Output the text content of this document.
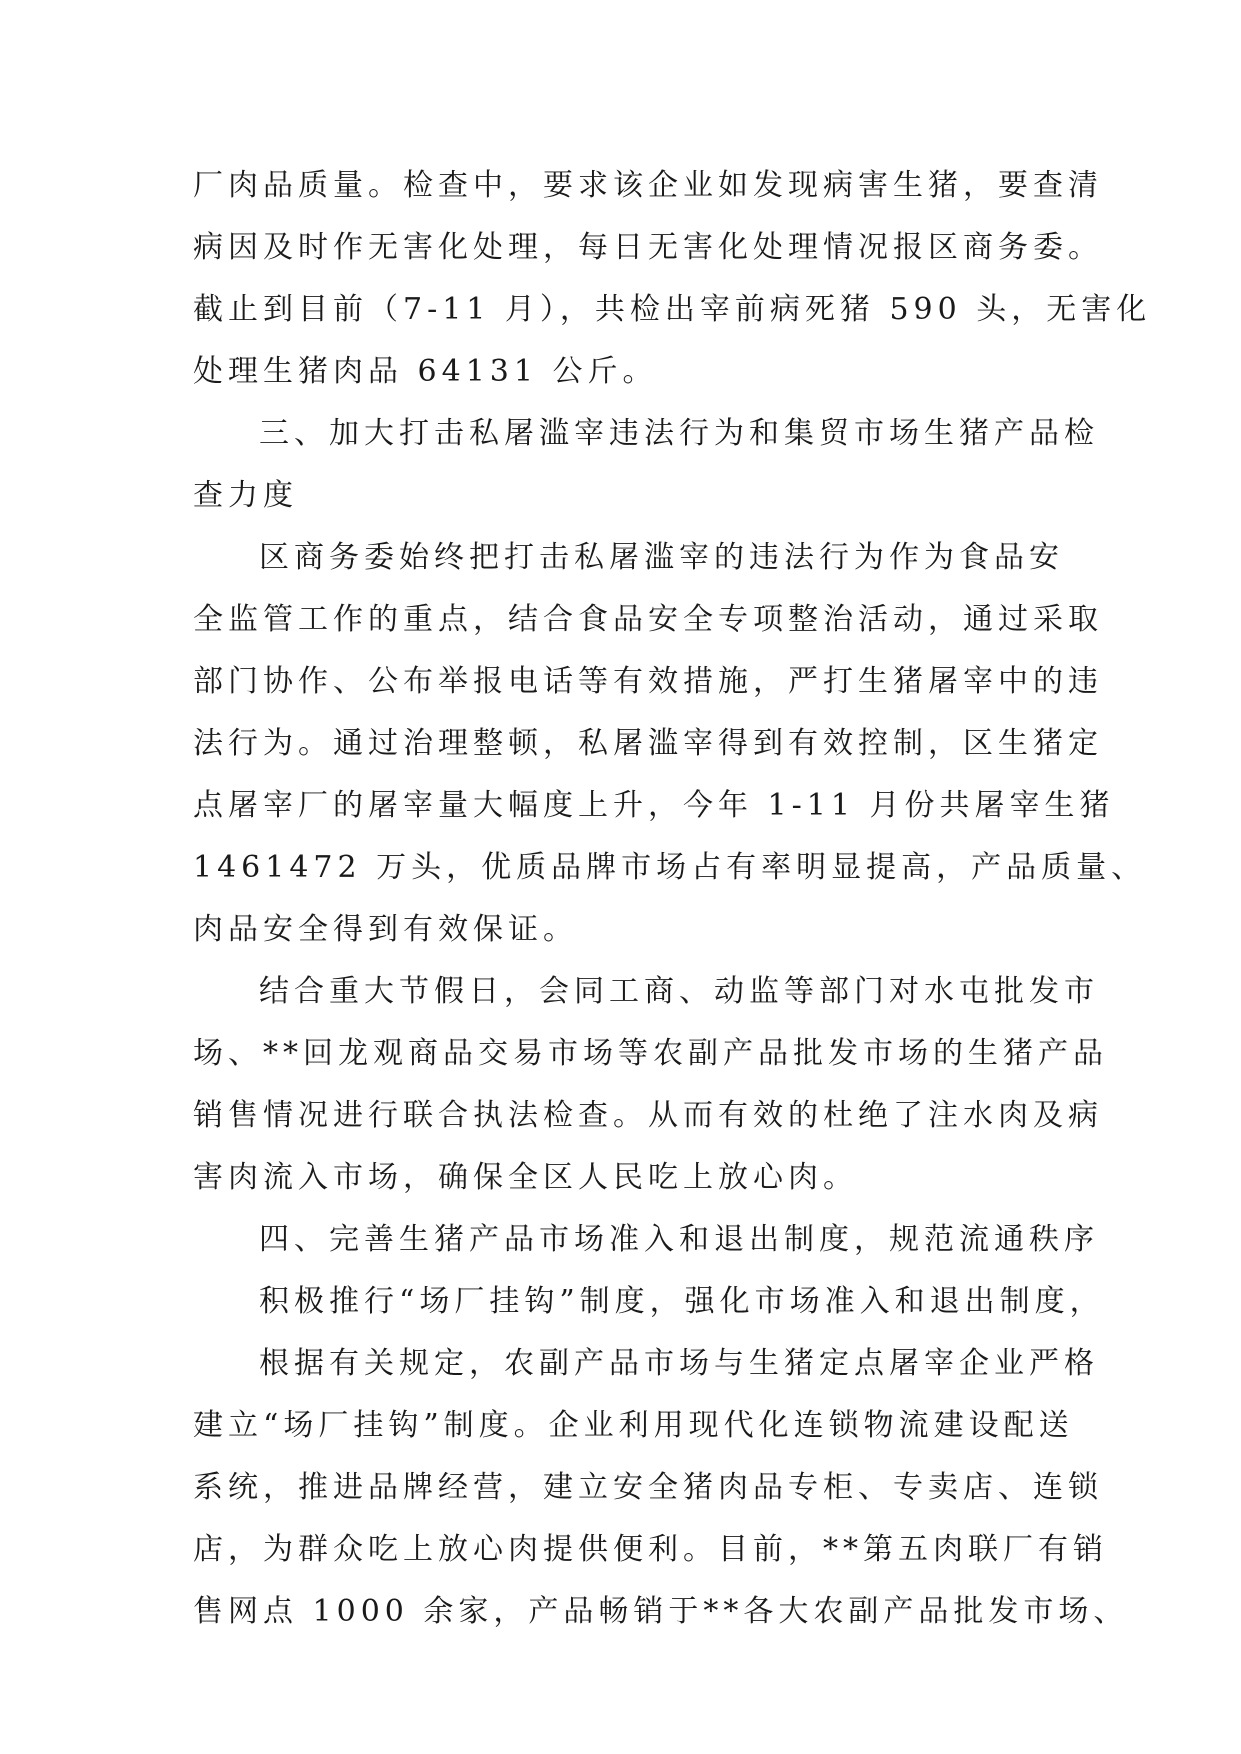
厂肉品质量。检查中，要求该企业如发现病害生猪，要查清
病因及时作无害化处理，每日无害化处理情况报区商务委。
截止到目前（7-11 月），共检出宰前病死猪 590 头，无害化
处理生猪肉品 64131 公斤。
三、加大打击私屠滥宰违法行为和集贸市场生猪产品检
查力度
区商务委始终把打击私屠滥宰的违法行为作为食品安
全监管工作的重点，结合食品安全专项整治活动，通过采取
部门协作、公布举报电话等有效措施，严打生猪屠宰中的违
法行为。通过治理整顿，私屠滥宰得到有效控制，区生猪定
点屠宰厂的屠宰量大幅度上升，今年 1-11 月份共屠宰生猪
1461472 万头，优质品牌市场占有率明显提高，产品质量、
肉品安全得到有效保证。
结合重大节假日，会同工商、动监等部门对水屯批发市
场、**回龙观商品交易市场等农副产品批发市场的生猪产品
销售情况进行联合执法检查。从而有效的杜绝了注水肉及病
害肉流入市场，确保全区人民吃上放心肉。
四、完善生猪产品市场准入和退出制度，规范流通秩序
积极推行“场厂挂钩”制度，强化市场准入和退出制度，
根据有关规定，农副产品市场与生猪定点屠宰企业严格
建立“场厂挂钩”制度。企业利用现代化连锁物流建设配送
系统，推进品牌经营，建立安全猪肉品专柜、专卖店、连锁
店，为群众吃上放心肉提供便利。目前，**第五肉联厂有销
售网点 1000 余家，产品畅销于**各大农副产品批发市场、
